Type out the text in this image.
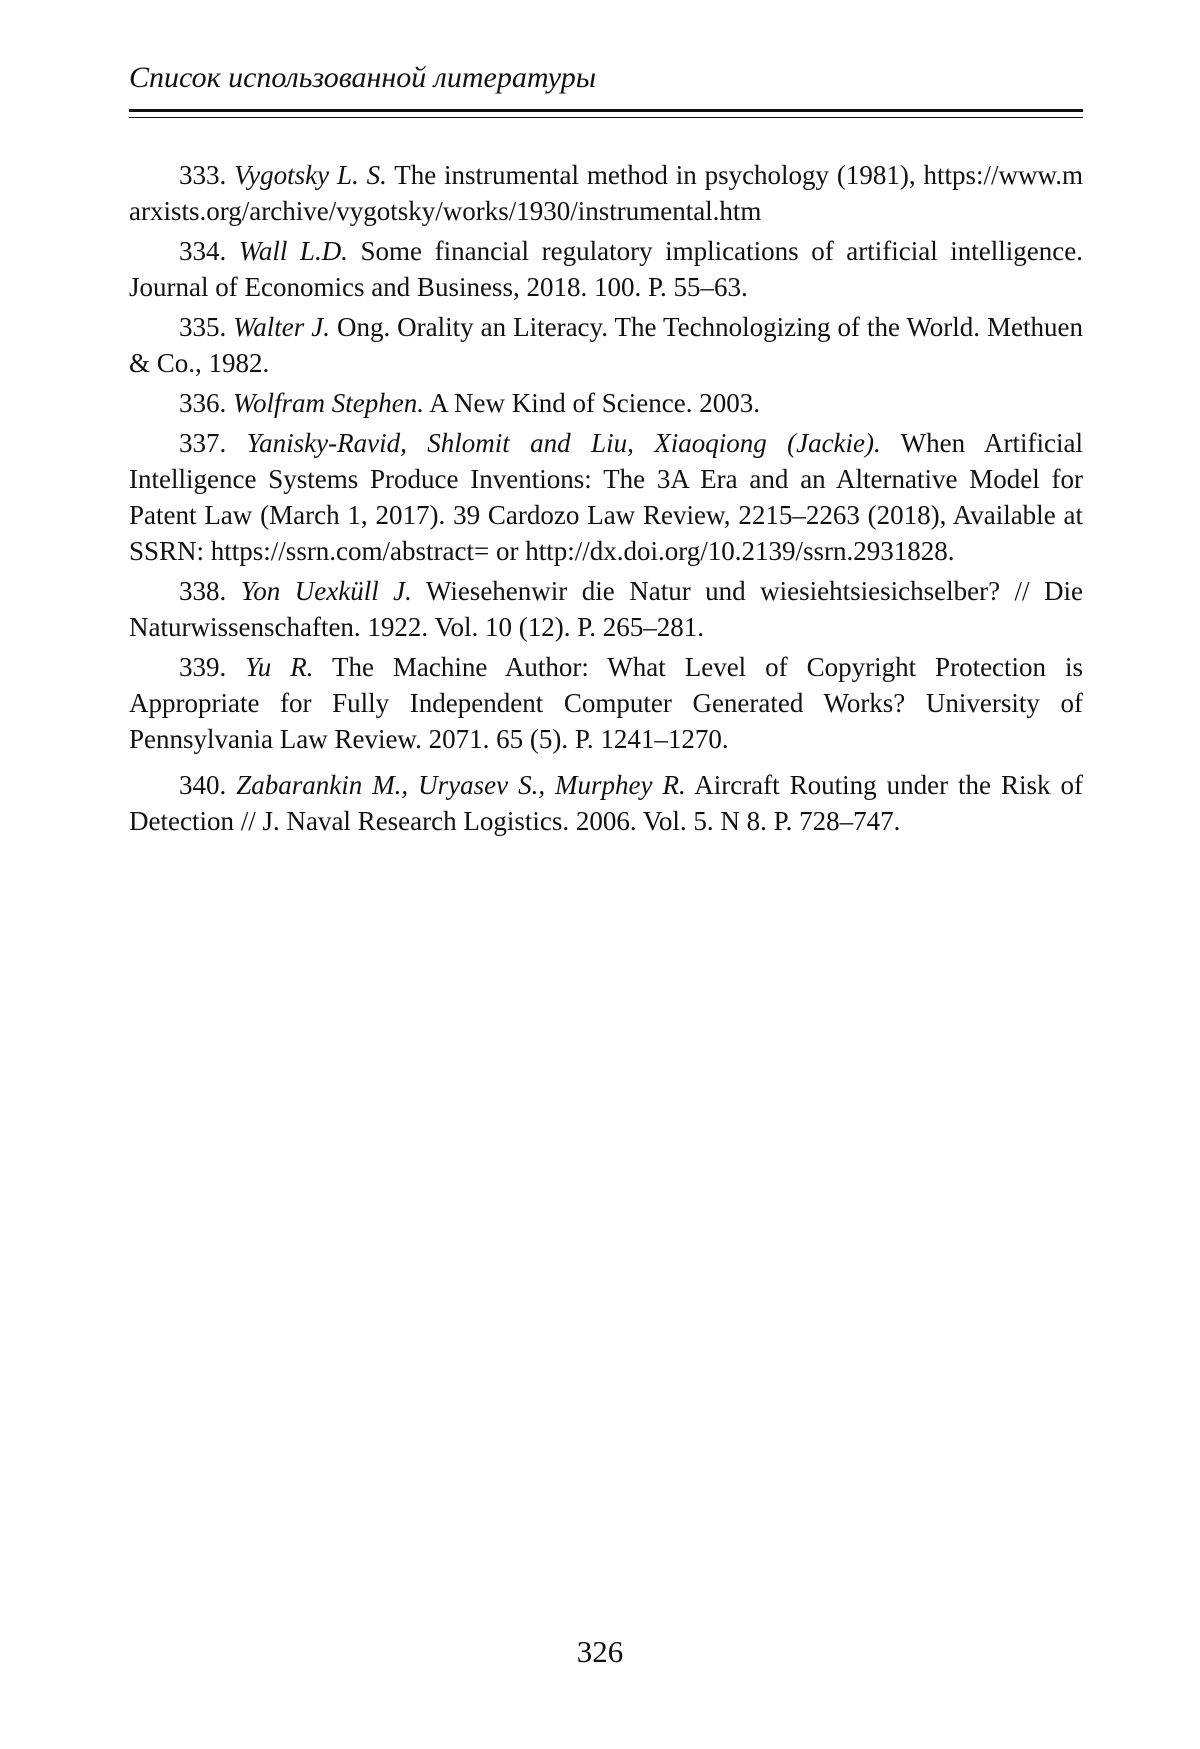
Список использованной литературы
333. Vygotsky L. S. The instrumental method in psychology (1981), https://www.marxists.org/archive/vygotsky/works/1930/instrumental.htm
334. Wall L.D. Some financial regulatory implications of artificial intelligence. Journal of Economics and Business, 2018. 100. P. 55–63.
335. Walter J. Ong. Orality an Literacy. The Technologizing of the World. Methuen & Co., 1982.
336. Wolfram Stephen. A New Kind of Science. 2003.
337. Yanisky-Ravid, Shlomit and Liu, Xiaoqiong (Jackie). When Artificial Intelligence Systems Produce Inventions: The 3A Era and an Alternative Model for Patent Law (March 1, 2017). 39 Cardozo Law Review, 2215–2263 (2018), Available at SSRN: https://ssrn.com/abstract= or http://dx.doi.org/10.2139/ssrn.2931828.
338. Yon Uexküll J. Wiesehenwir die Natur und wiesiehtsiesichselber? // Die Naturwissenschaften. 1922. Vol. 10 (12). P. 265–281.
339. Yu R. The Machine Author: What Level of Copyright Protection is Appropriate for Fully Independent Computer Generated Works? University of Pennsylvania Law Review. 2071. 65 (5). P. 1241–1270.
340. Zabarankin M., Uryasev S., Murphey R. Aircraft Routing under the Risk of Detection // J. Naval Research Logistics. 2006. Vol. 5. N 8. P. 728–747.
326
